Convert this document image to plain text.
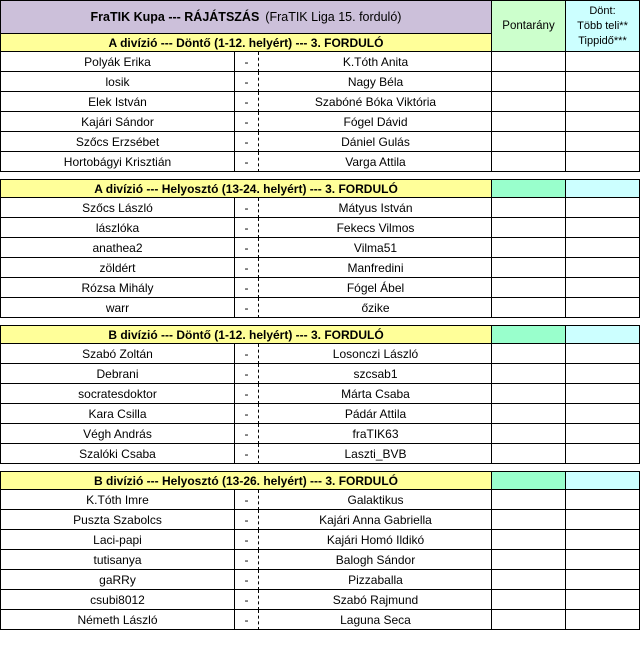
FraTIK Kupa --- RÁJÁTSZÁS (FraTIK Liga 15. forduló)
Pontarány
Dönt:
Több teli**
Tippidő***
A divízió --- Döntő (1-12. helyért) --- 3. FORDULÓ
Polyák Erika	-	K.Tóth Anita
losik	-	Nagy Béla
Elek István	-	Szabóné Bóka Viktória
Kajári Sándor	-	Fógel Dávid
Szőcs Erzsébet	-	Dániel Gulás
Hortobágyi Krisztián	-	Varga Attila
A divízió --- Helyosztó (13-24. helyért) --- 3. FORDULÓ
Szőcs László	-	Mátyus István
lászlóka	-	Fekecs Vilmos
anathea2	-	Vilma51
zöldért	-	Manfredini
Rózsa Mihály	-	Fógel Ábel
warr	-	őzike
B divízió --- Döntő (1-12. helyért) --- 3. FORDULÓ
Szabó Zoltán	-	Losonczi László
Debrani	-	szcsab1
socratesdoktor	-	Márta Csaba
Kara Csilla	-	Pádár Attila
Végh András	-	fraTIK63
Szalóki Csaba	-	Laszti_BVB
B divízió --- Helyosztó (13-26. helyért) --- 3. FORDULÓ
K.Tóth Imre	-	Galaktikus
Puszta Szabolcs	-	Kajári Anna Gabriella
Laci-papi	-	Kajári Homó Ildikó
tutisanya	-	Balogh Sándor
gaRRy	-	Pizzaballa
csubi8012	-	Szabó Rajmund
Németh László	-	Laguna Seca
